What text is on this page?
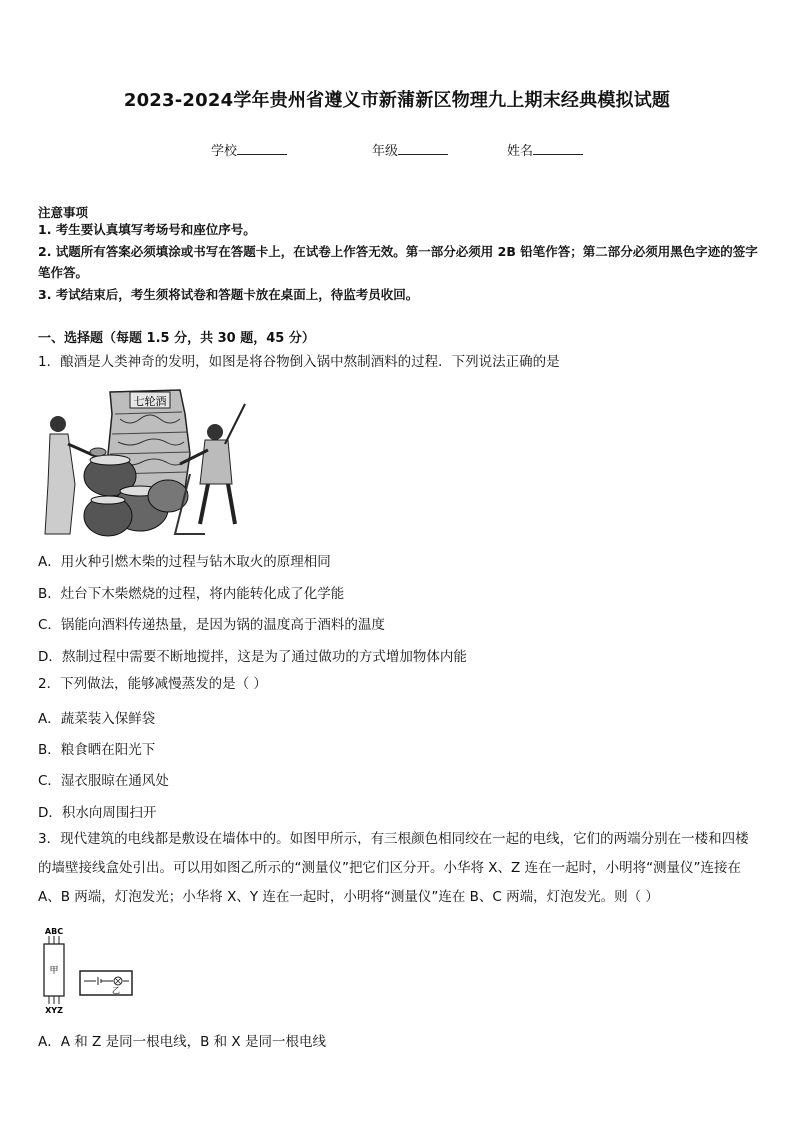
2023-2024学年贵州省遵义市新蒲新区物理九上期末经典模拟试题
学校	年级	姓名
注意事项
1. 考生要认真填写考场号和座位序号。
2. 试题所有答案必须填涂或书写在答题卡上，在试卷上作答无效。第一部分必须用 2B 铅笔作答；第二部分必须用黑色字迹的签字笔作答。
3. 考试结束后，考生须将试卷和答题卡放在桌面上，待监考员收回。
一、选择题（每题 1.5 分，共 30 题，45 分）
1．酿酒是人类神奇的发明，如图是将谷物倒入锅中熬制酒料的过程．下列说法正确的是
七轮酒
A．用火种引燃木柴的过程与钻木取火的原理相同
B．灶台下木柴燃烧的过程，将内能转化成了化学能
C．锅能向酒料传递热量，是因为锅的温度高于酒料的温度
D．熬制过程中需要不断地搅拌，这是为了通过做功的方式增加物体内能
2．下列做法，能够减慢蒸发的是（ ）
A．蔬菜装入保鲜袋
B．粮食晒在阳光下
C．湿衣服晾在通风处
D．积水向周围扫开
3．现代建筑的电线都是敷设在墙体中的。如图甲所示，有三根颜色相同绞在一起的电线，它们的两端分别在一楼和四楼的墙壁接线盒处引出。可以用如图乙所示的“测量仪”把它们区分开。小华将 X、Z 连在一起时，小明将“测量仪”连接在 A、B 两端，灯泡发光；小华将 X、Y 连在一起时，小明将“测量仪”连在 B、C 两端，灯泡发光。则（ ）
ABC
甲
XYZ
乙
A．A 和 Z 是同一根电线，B 和 X 是同一根电线
